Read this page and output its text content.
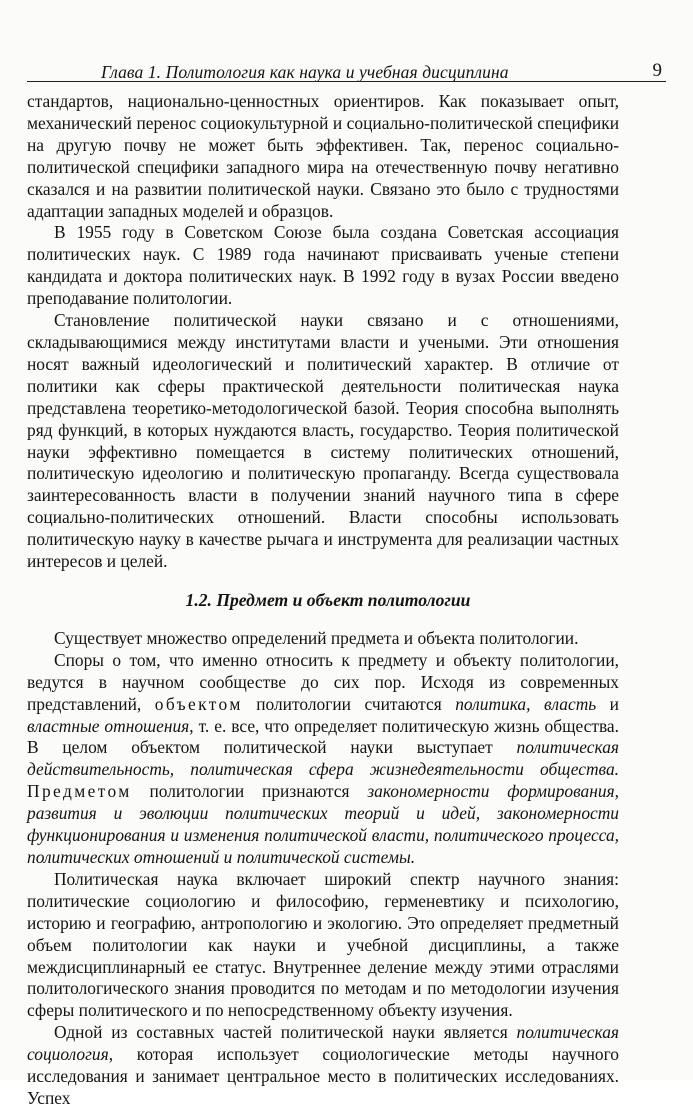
Глава 1. Политология как наука и учебная дисциплина	9

стандартов, национально-ценностных ориентиров. Как показывает опыт, механический перенос социокультурной и социально-политической специфики на другую почву не может быть эффективен. Так, перенос социально-политической специфики западного мира на отечественную почву негативно сказался и на развитии политической науки. Связано это было с трудностями адаптации западных моделей и образцов.

В 1955 году в Советском Союзе была создана Советская ассоциация политических наук. С 1989 года начинают присваивать ученые степени кандидата и доктора политических наук. В 1992 году в вузах России введено преподавание политологии.

Становление политической науки связано и с отношениями, складывающимися между институтами власти и учеными. Эти отношения носят важный идеологический и политический характер. В отличие от политики как сферы практической деятельности политическая наука представлена теоретико-методологической базой. Теория способна выполнять ряд функций, в которых нуждаются власть, государство. Теория политической науки эффективно помещается в систему политических отношений, политическую идеологию и политическую пропаганду. Всегда существовала заинтересованность власти в получении знаний научного типа в сфере социально-политических отношений. Власти способны использовать политическую науку в качестве рычага и инструмента для реализации частных интересов и целей.

1.2. Предмет и объект политологии

Существует множество определений предмета и объекта политологии.

Споры о том, что именно относить к предмету и объекту политологии, ведутся в научном сообществе до сих пор. Исходя из современных представлений, объектом политологии считаются политика, власть и властные отношения, т. е. все, что определяет политическую жизнь общества. В целом объектом политической науки выступает политическая действительность, политическая сфера жизнедеятельности общества. Предметом политологии признаются закономерности формирования, развития и эволюции политических теорий и идей, закономерности функционирования и изменения политической власти, политического процесса, политических отношений и политической системы.

Политическая наука включает широкий спектр научного знания: политические социологию и философию, герменевтику и психологию, историю и географию, антропологию и экологию. Это определяет предметный объем политологии как науки и учебной дисциплины, а также междисциплинарный ее статус. Внутреннее деление между этими отраслями политологического знания проводится по методам и по методологии изучения сферы политического и по непосредственному объекту изучения.

Одной из составных частей политической науки является политическая социология, которая использует социологические методы научного исследования и занимает центральное место в политических исследованиях. Успех
